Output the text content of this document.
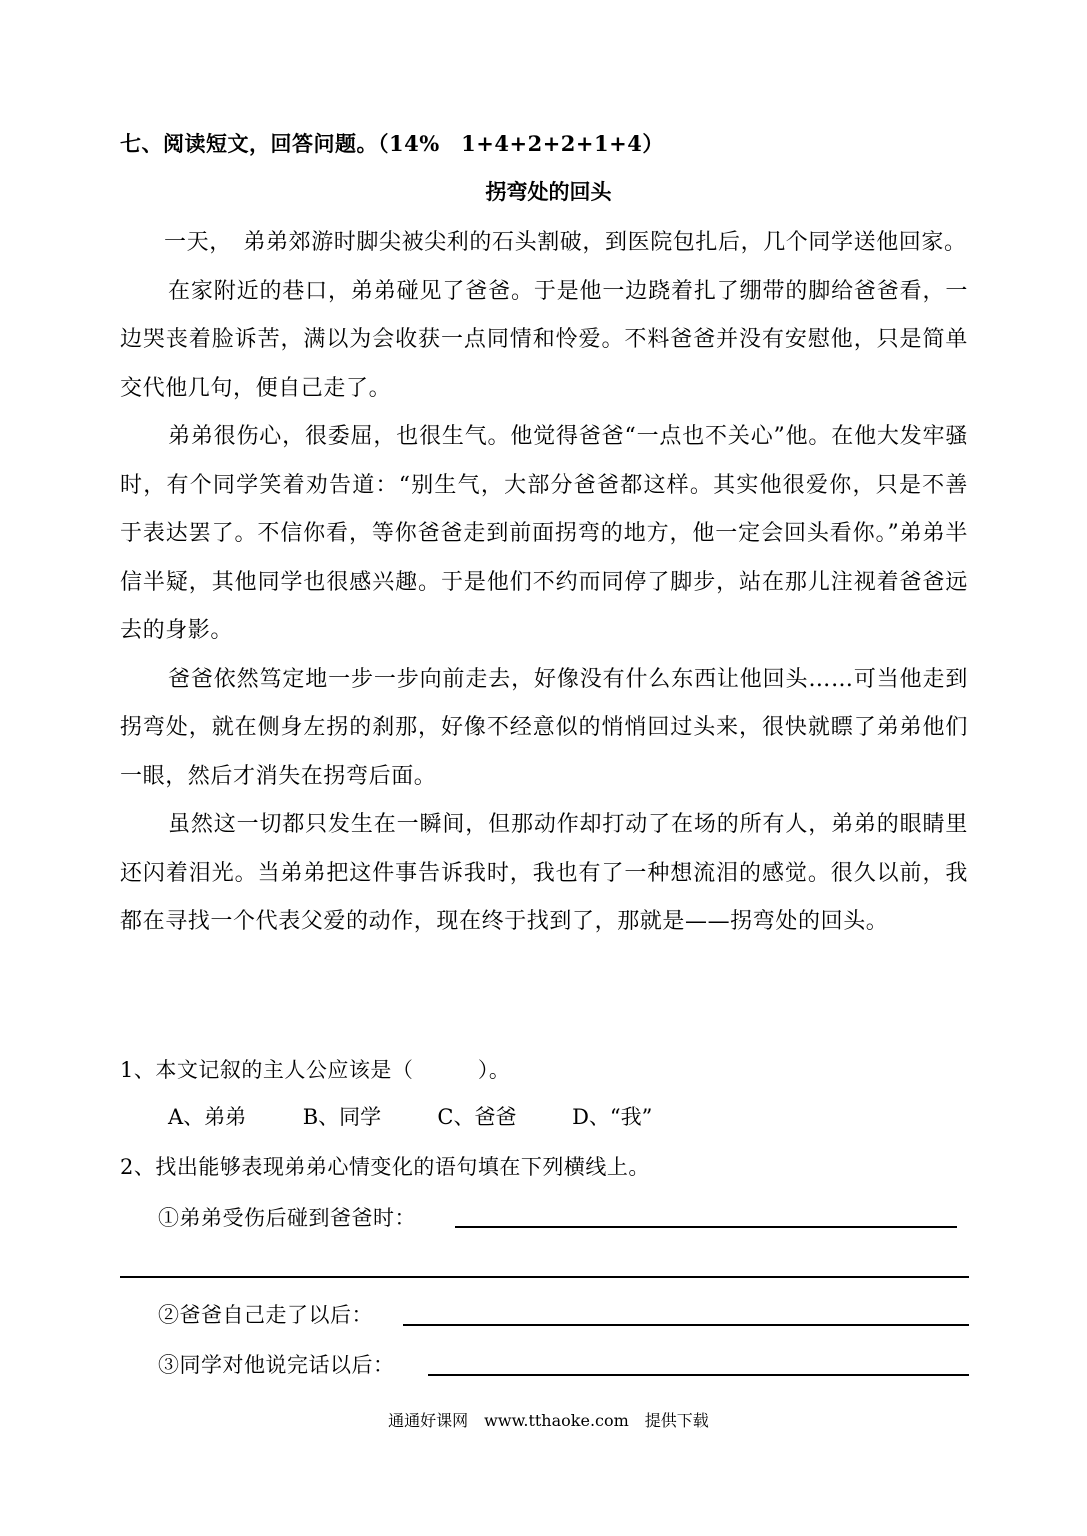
七、阅读短文，回答问题。（14%　1+4+2+2+1+4）
拐弯处的回头

一天，　弟弟郊游时脚尖被尖利的石头割破，到医院包扎后，几个同学送他回家。

在家附近的巷口，弟弟碰见了爸爸。于是他一边跷着扎了绷带的脚给爸爸看，一边哭丧着脸诉苦，满以为会收获一点同情和怜爱。不料爸爸并没有安慰他，只是简单交代他几句，便自己走了。

弟弟很伤心，很委屈，也很生气。他觉得爸爸“一点也不关心”他。在他大发牢骚时，有个同学笑着劝告道：“别生气，大部分爸爸都这样。其实他很爱你，只是不善于表达罢了。不信你看，等你爸爸走到前面拐弯的地方，他一定会回头看你。”弟弟半信半疑，其他同学也很感兴趣。于是他们不约而同停了脚步，站在那儿注视着爸爸远去的身影。

爸爸依然笃定地一步一步向前走去，好像没有什么东西让他回头……可当他走到拐弯处，就在侧身左拐的刹那，好像不经意似的悄悄回过头来，很快就瞟了弟弟他们一眼，然后才消失在拐弯后面。

虽然这一切都只发生在一瞬间，但那动作却打动了在场的所有人，弟弟的眼睛里还闪着泪光。当弟弟把这件事告诉我时，我也有了一种想流泪的感觉。很久以前，我都在寻找一个代表父爱的动作，现在终于找到了，那就是——拐弯处的回头。

1、本文记叙的主人公应该是（　　　）。
A、弟弟	B、同学	C、爸爸	D、“我”
2、找出能够表现弟弟心情变化的语句填在下列横线上。
①弟弟受伤后碰到爸爸时：
②爸爸自己走了以后：
③同学对他说完话以后：
通通好课网　www.tthaoke.com　提供下载
